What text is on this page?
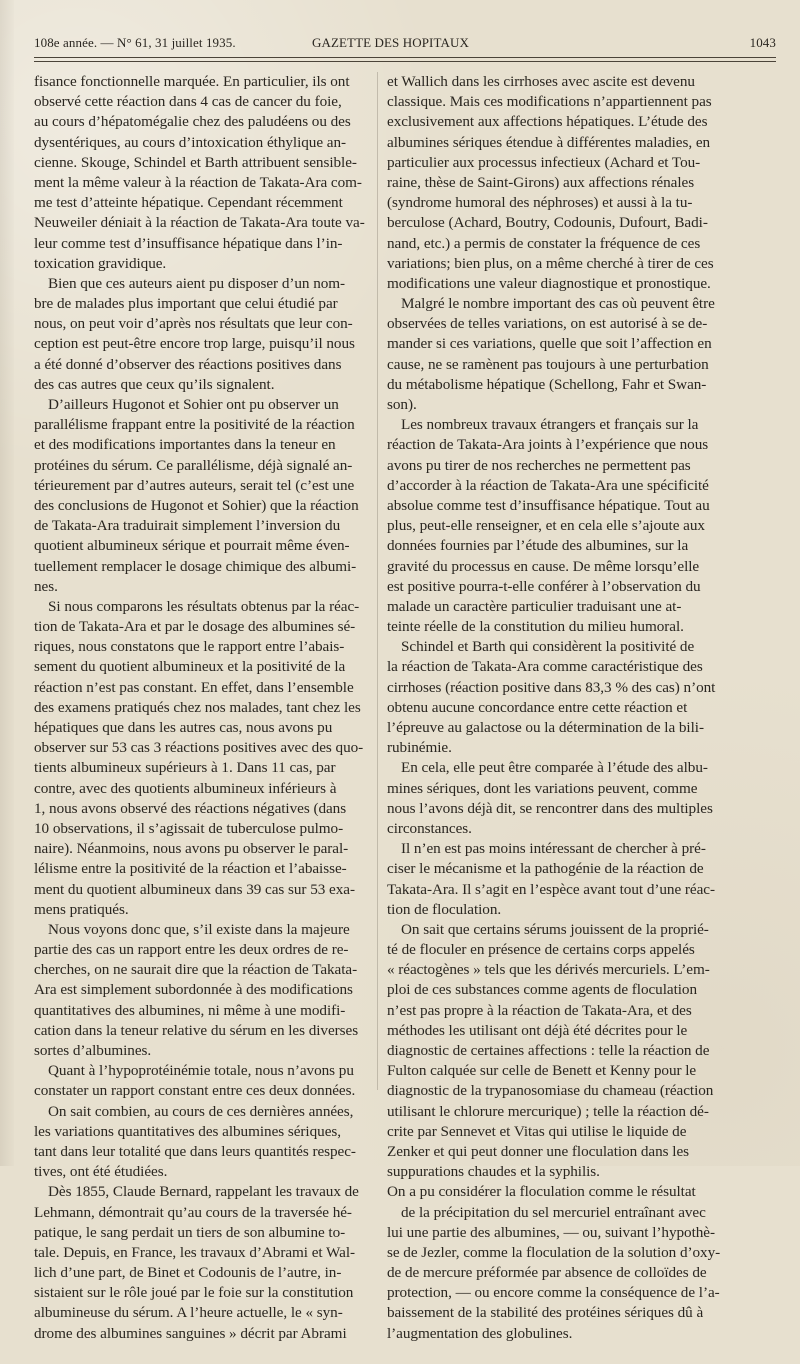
108e année. — N° 61, 31 juillet 1935.	GAZETTE DES HOPITAUX	1043
fisance fonctionnelle marquée. En particulier, ils ont
observé cette réaction dans 4 cas de cancer du foie,
au cours d’hépatomégalie chez des paludéens ou des
dysentériques, au cours d’intoxication éthylique an-
cienne. Skouge, Schindel et Barth attribuent sensible-
ment la même valeur à la réaction de Takata-Ara com-
me test d’atteinte hépatique. Cependant récemment
Neuweiler déniait à la réaction de Takata-Ara toute va-
leur comme test d’insuffisance hépatique dans l’in-
toxication gravidique.
Bien que ces auteurs aient pu disposer d’un nom-
bre de malades plus important que celui étudié par
nous, on peut voir d’après nos résultats que leur con-
ception est peut-être encore trop large, puisqu’il nous
a été donné d’observer des réactions positives dans
des cas autres que ceux qu’ils signalent.
D’ailleurs Hugonot et Sohier ont pu observer un
parallélisme frappant entre la positivité de la réaction
et des modifications importantes dans la teneur en
protéines du sérum. Ce parallélisme, déjà signalé an-
térieurement par d’autres auteurs, serait tel (c’est une
des conclusions de Hugonot et Sohier) que la réaction
de Takata-Ara traduirait simplement l’inversion du
quotient albumineux sérique et pourrait même éven-
tuellement remplacer le dosage chimique des albumi-
nes.
Si nous comparons les résultats obtenus par la réac-
tion de Takata-Ara et par le dosage des albumines sé-
riques, nous constatons que le rapport entre l’abais-
sement du quotient albumineux et la positivité de la
réaction n’est pas constant. En effet, dans l’ensemble
des examens pratiqués chez nos malades, tant chez les
hépatiques que dans les autres cas, nous avons pu
observer sur 53 cas 3 réactions positives avec des quo-
tients albumineux supérieurs à 1. Dans 11 cas, par
contre, avec des quotients albumineux inférieurs à
1, nous avons observé des réactions négatives (dans
10 observations, il s’agissait de tuberculose pulmo-
naire). Néanmoins, nous avons pu observer le paral-
lélisme entre la positivité de la réaction et l’abaisse-
ment du quotient albumineux dans 39 cas sur 53 exa-
mens pratiqués.
Nous voyons donc que, s’il existe dans la majeure
partie des cas un rapport entre les deux ordres de re-
cherches, on ne saurait dire que la réaction de Takata-
Ara est simplement subordonnée à des modifications
quantitatives des albumines, ni même à une modifi-
cation dans la teneur relative du sérum en les diverses
sortes d’albumines.
Quant à l’hypoprotéinémie totale, nous n’avons pu
constater un rapport constant entre ces deux données.
On sait combien, au cours de ces dernières années,
les variations quantitatives des albumines sériques,
tant dans leur totalité que dans leurs quantités respec-
tives, ont été étudiées.
Dès 1855, Claude Bernard, rappelant les travaux de
Lehmann, démontrait qu’au cours de la traversée hé-
patique, le sang perdait un tiers de son albumine to-
tale. Depuis, en France, les travaux d’Abrami et Wal-
lich d’une part, de Binet et Codounis de l’autre, in-
sistaient sur le rôle joué par le foie sur la constitution
albumineuse du sérum. A l’heure actuelle, le « syn-
drome des albumines sanguines » décrit par Abrami
et Wallich dans les cirrhoses avec ascite est devenu
classique. Mais ces modifications n’appartiennent pas
exclusivement aux affections hépatiques. L’étude des
albumines sériques étendue à différentes maladies, en
particulier aux processus infectieux (Achard et Tou-
raine, thèse de Saint-Girons) aux affections rénales
(syndrome humoral des néphroses) et aussi à la tu-
berculose (Achard, Boutry, Codounis, Dufourt, Badi-
nand, etc.) a permis de constater la fréquence de ces
variations; bien plus, on a même cherché à tirer de ces
modifications une valeur diagnostique et pronostique.
Malgré le nombre important des cas où peuvent être
observées de telles variations, on est autorisé à se de-
mander si ces variations, quelle que soit l’affection en
cause, ne se ramènent pas toujours à une perturbation
du métabolisme hépatique (Schellong, Fahr et Swan-
son).
Les nombreux travaux étrangers et français sur la
réaction de Takata-Ara joints à l’expérience que nous
avons pu tirer de nos recherches ne permettent pas
d’accorder à la réaction de Takata-Ara une spécificité
absolue comme test d’insuffisance hépatique. Tout au
plus, peut-elle renseigner, et en cela elle s’ajoute aux
données fournies par l’étude des albumines, sur la
gravité du processus en cause. De même lorsqu’elle
est positive pourra-t-elle conférer à l’observation du
malade un caractère particulier traduisant une at-
teinte réelle de la constitution du milieu humoral.
Schindel et Barth qui considèrent la positivité de
la réaction de Takata-Ara comme caractéristique des
cirrhoses (réaction positive dans 83,3 % des cas) n’ont
obtenu aucune concordance entre cette réaction et
l’épreuve au galactose ou la détermination de la bili-
rubinémie.
En cela, elle peut être comparée à l’étude des albu-
mines sériques, dont les variations peuvent, comme
nous l’avons déjà dit, se rencontrer dans des multiples
circonstances.
Il n’en est pas moins intéressant de chercher à pré-
ciser le mécanisme et la pathogénie de la réaction de
Takata-Ara. Il s’agit en l’espèce avant tout d’une réac-
tion de floculation.
On sait que certains sérums jouissent de la proprié-
té de floculer en présence de certains corps appelés
« réactogènes » tels que les dérivés mercuriels. L’em-
ploi de ces substances comme agents de floculation
n’est pas propre à la réaction de Takata-Ara, et des
méthodes les utilisant ont déjà été décrites pour le
diagnostic de certaines affections : telle la réaction de
Fulton calquée sur celle de Benett et Kenny pour le
diagnostic de la trypanosomiase du chameau (réaction
utilisant le chlorure mercurique) ; telle la réaction dé-
crite par Sennevet et Vitas qui utilise le liquide de
Zenker et qui peut donner une floculation dans les
suppurations chaudes et la syphilis.
On a pu considérer la floculation comme le résultat
de la précipitation du sel mercuriel entraînant avec
lui une partie des albumines, — ou, suivant l’hypothè-
se de Jezler, comme la floculation de la solution d’oxy-
de de mercure préformée par absence de colloïdes de
protection, — ou encore comme la conséquence de l’a-
baissement de la stabilité des protéines sériques dû à
l’augmentation des globulines.
